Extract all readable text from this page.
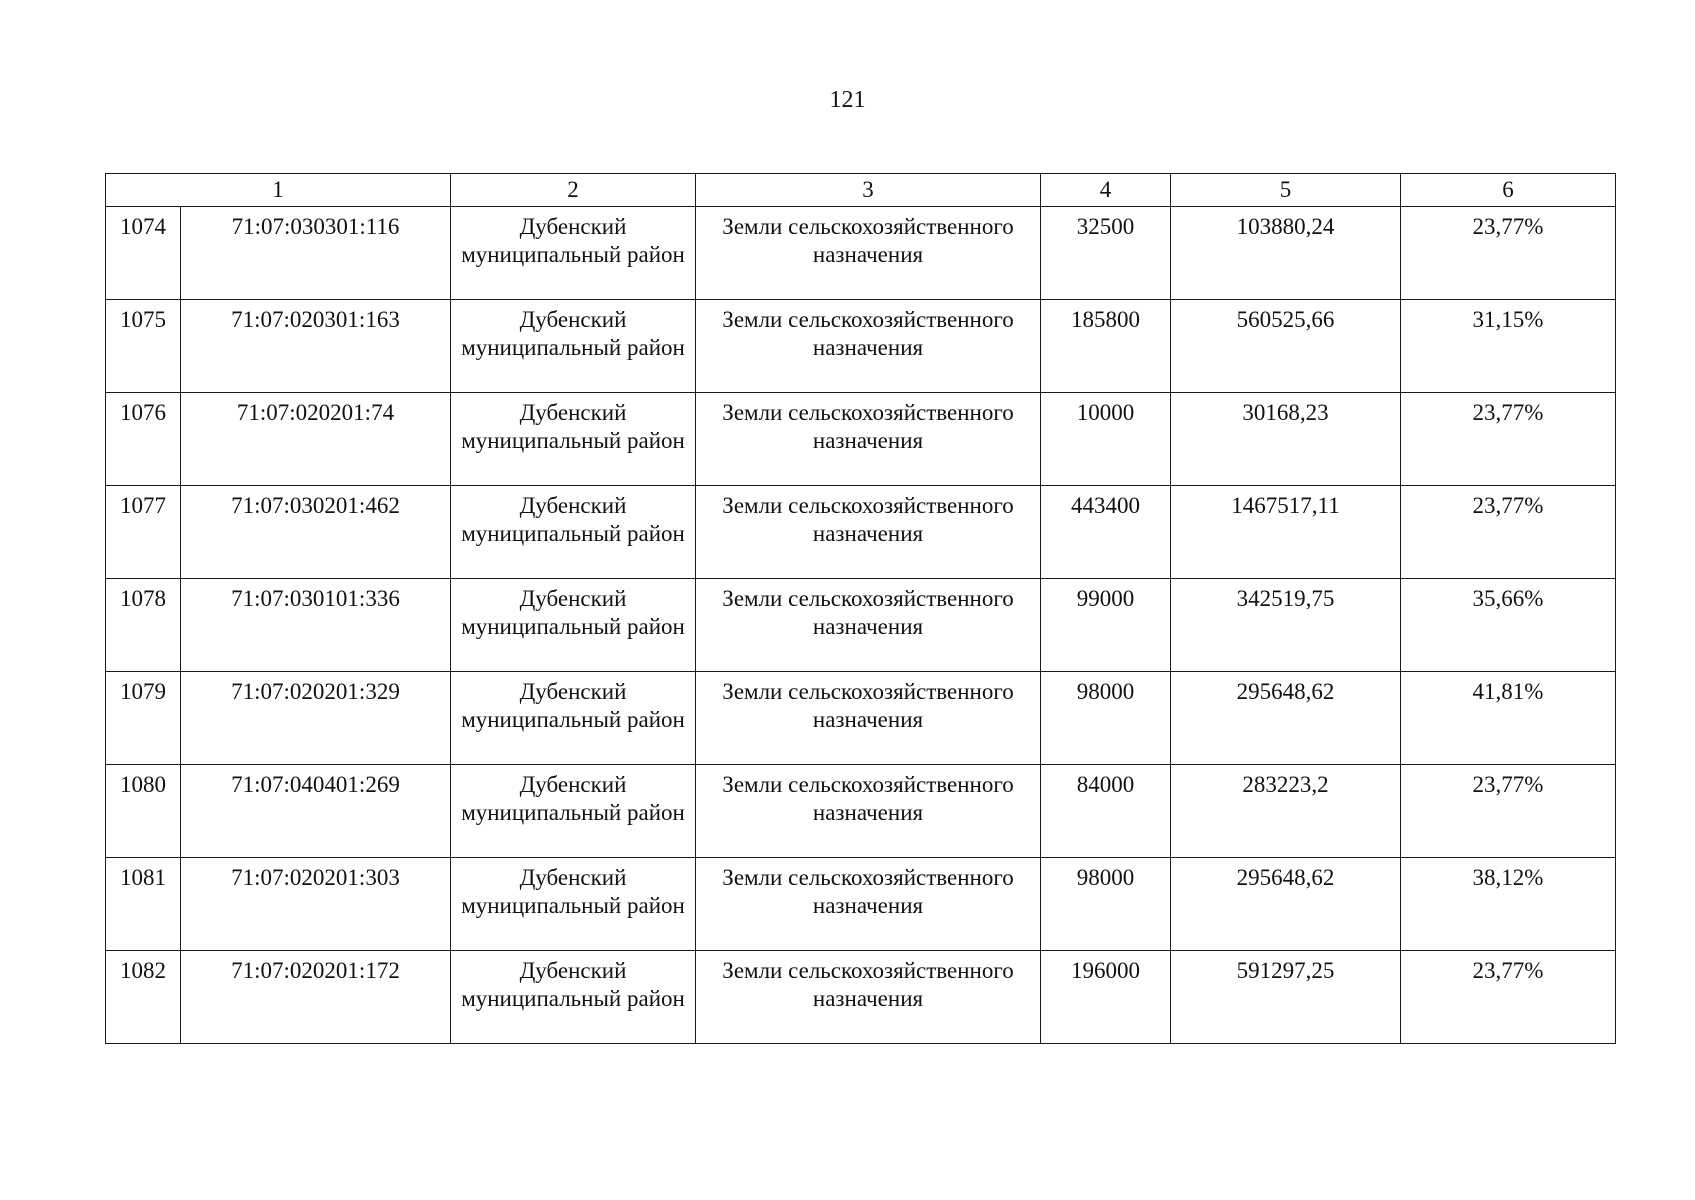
121
1		2	3	4	5	6
1074	71:07:030301:116	Дубенский муниципальный район	Земли сельскохозяйственного назначения	32500	103880,24	23,77%
1075	71:07:020301:163	Дубенский муниципальный район	Земли сельскохозяйственного назначения	185800	560525,66	31,15%
1076	71:07:020201:74	Дубенский муниципальный район	Земли сельскохозяйственного назначения	10000	30168,23	23,77%
1077	71:07:030201:462	Дубенский муниципальный район	Земли сельскохозяйственного назначения	443400	1467517,11	23,77%
1078	71:07:030101:336	Дубенский муниципальный район	Земли сельскохозяйственного назначения	99000	342519,75	35,66%
1079	71:07:020201:329	Дубенский муниципальный район	Земли сельскохозяйственного назначения	98000	295648,62	41,81%
1080	71:07:040401:269	Дубенский муниципальный район	Земли сельскохозяйственного назначения	84000	283223,2	23,77%
1081	71:07:020201:303	Дубенский муниципальный район	Земли сельскохозяйственного назначения	98000	295648,62	38,12%
1082	71:07:020201:172	Дубенский муниципальный район	Земли сельскохозяйственного назначения	196000	591297,25	23,77%
